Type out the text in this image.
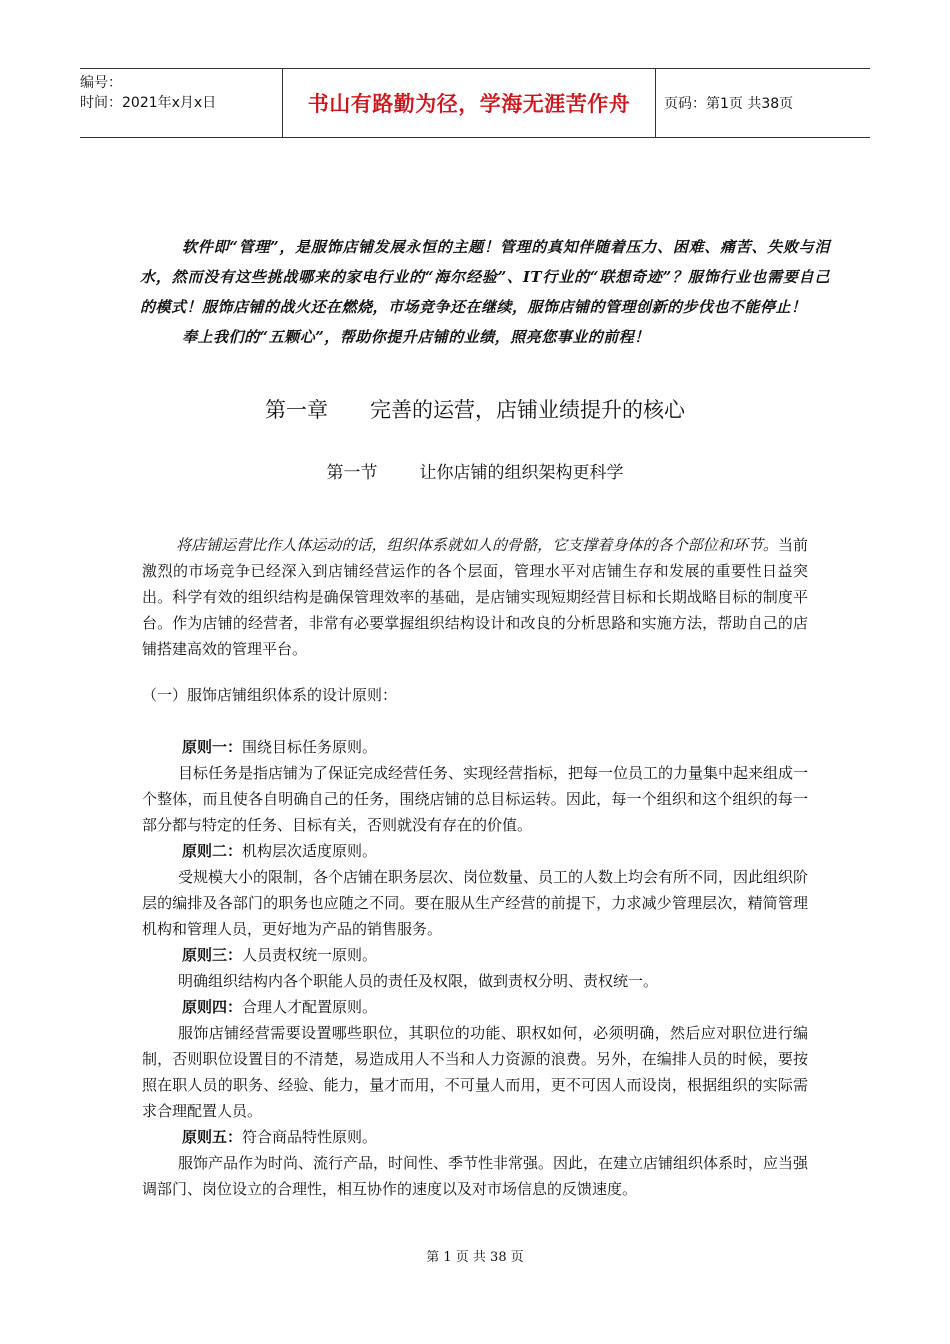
编号：
时间：2021年x月x日	书山有路勤为径，学海无涯苦作舟	页码：第1页 共38页

软件即“管理”，是服饰店铺发展永恒的主题！管理的真知伴随着压力、困难、痛苦、失败与泪水，然而没有这些挑战哪来的家电行业的“海尔经验”、IT行业的“联想奇迹”？服饰行业也需要自己的模式！服饰店铺的战火还在燃烧，市场竞争还在继续，服饰店铺的管理创新的步伐也不能停止！

奉上我们的“五颗心”，帮助你提升店铺的业绩，照亮您事业的前程！

第一章 完善的运营，店铺业绩提升的核心
第一节 让你店铺的组织架构更科学

将店铺运营比作人体运动的话，组织体系就如人的骨骼，它支撑着身体的各个部位和环节。当前激烈的市场竞争已经深入到店铺经营运作的各个层面，管理水平对店铺生存和发展的重要性日益突出。科学有效的组织结构是确保管理效率的基础，是店铺实现短期经营目标和长期战略目标的制度平台。作为店铺的经营者，非常有必要掌握组织结构设计和改良的分析思路和实施方法，帮助自己的店铺搭建高效的管理平台。

（一）服饰店铺组织体系的设计原则：

原则一：围绕目标任务原则。

目标任务是指店铺为了保证完成经营任务、实现经营指标，把每一位员工的力量集中起来组成一个整体，而且使各自明确自己的任务，围绕店铺的总目标运转。因此，每一个组织和这个组织的每一部分都与特定的任务、目标有关，否则就没有存在的价值。

原则二：机构层次适度原则。

受规模大小的限制，各个店铺在职务层次、岗位数量、员工的人数上均会有所不同，因此组织阶层的编排及各部门的职务也应随之不同。要在服从生产经营的前提下，力求减少管理层次，精简管理机构和管理人员，更好地为产品的销售服务。

原则三：人员责权统一原则。

明确组织结构内各个职能人员的责任及权限，做到责权分明、责权统一。

原则四：合理人才配置原则。

服饰店铺经营需要设置哪些职位，其职位的功能、职权如何，必须明确，然后应对职位进行编制，否则职位设置目的不清楚，易造成用人不当和人力资源的浪费。另外，在编排人员的时候，要按照在职人员的职务、经验、能力，量才而用，不可量人而用，更不可因人而设岗，根据组织的实际需求合理配置人员。

原则五：符合商品特性原则。

服饰产品作为时尚、流行产品，时间性、季节性非常强。因此，在建立店铺组织体系时，应当强调部门、岗位设立的合理性，相互协作的速度以及对市场信息的反馈速度。

第 1 页 共 38 页
